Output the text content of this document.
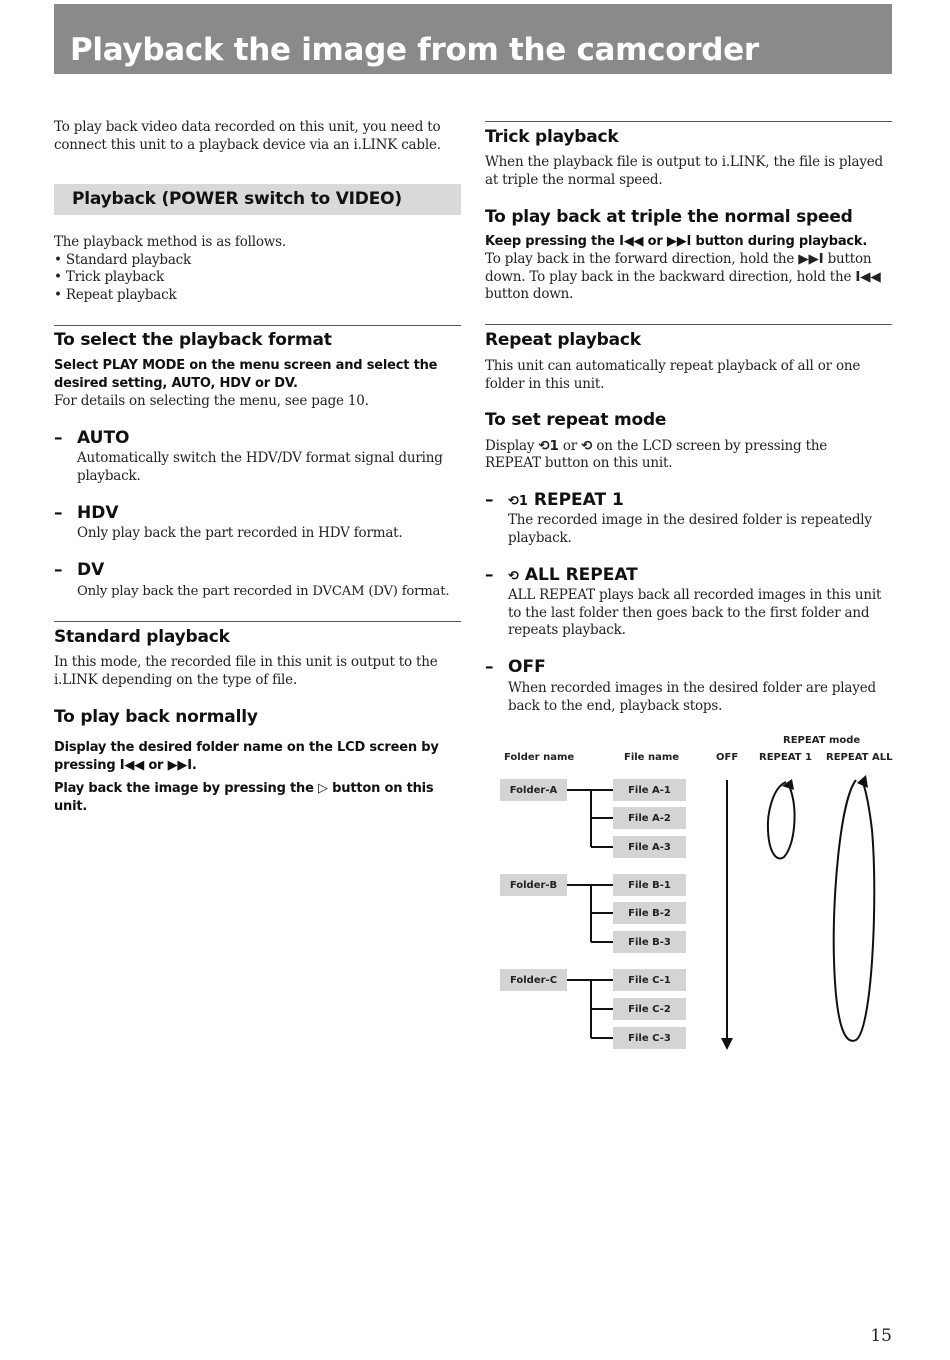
Playback the image from the camcorder

To play back video data recorded on this unit, you need to
connect this unit to a playback device via an i.LINK cable.

Playback (POWER switch to VIDEO)

The playback method is as follows.

• Standard playback

• Trick playback

• Repeat playback

To select the playback format

Select PLAY MODE on the menu screen and select the
desired setting, AUTO, HDV or DV.

For details on selecting the menu, see page 10.

– AUTO

Automatically switch the HDV/DV format signal during
playback.

– HDV

Only play back the part recorded in HDV format.

– DV

Only play back the part recorded in DVCAM (DV) format.

Standard playback

In this mode, the recorded file in this unit is output to the
i.LINK depending on the type of file.

To play back normally

Display the desired folder name on the LCD screen by

pressing I◀◀ or ▶▶I.

Play back the image by pressing the ▷ button on this

unit.

Trick playback

When the playback file is output to i.LINK, the file is played
at triple the normal speed.

To play back at triple the normal speed

Keep pressing the I◀◀ or ▶▶I button during playback.

To play back in the forward direction, hold the ▶▶I button

down. To play back in the backward direction, hold the I◀◀

button down.

Repeat playback

This unit can automatically repeat playback of all or one
folder in this unit.

To set repeat mode

Display ⟲1 or ⟲ on the LCD screen by pressing the

REPEAT button on this unit.

– ⟲1 REPEAT 1

The recorded image in the desired folder is repeatedly
playback.

– ⟲ ALL REPEAT

ALL REPEAT plays back all recorded images in this unit
to the last folder then goes back to the first folder and
repeats playback.

– OFF

When recorded images in the desired folder are played
back to the end, playback stops.

REPEAT mode
Folder name	File name	OFF REPEAT 1 REPEAT ALL
Folder-A
Folder-B
Folder-C
File A-1
File A-2
File A-3
File B-1
File B-2
File B-3
File C-1
File C-2
File C-3
15
